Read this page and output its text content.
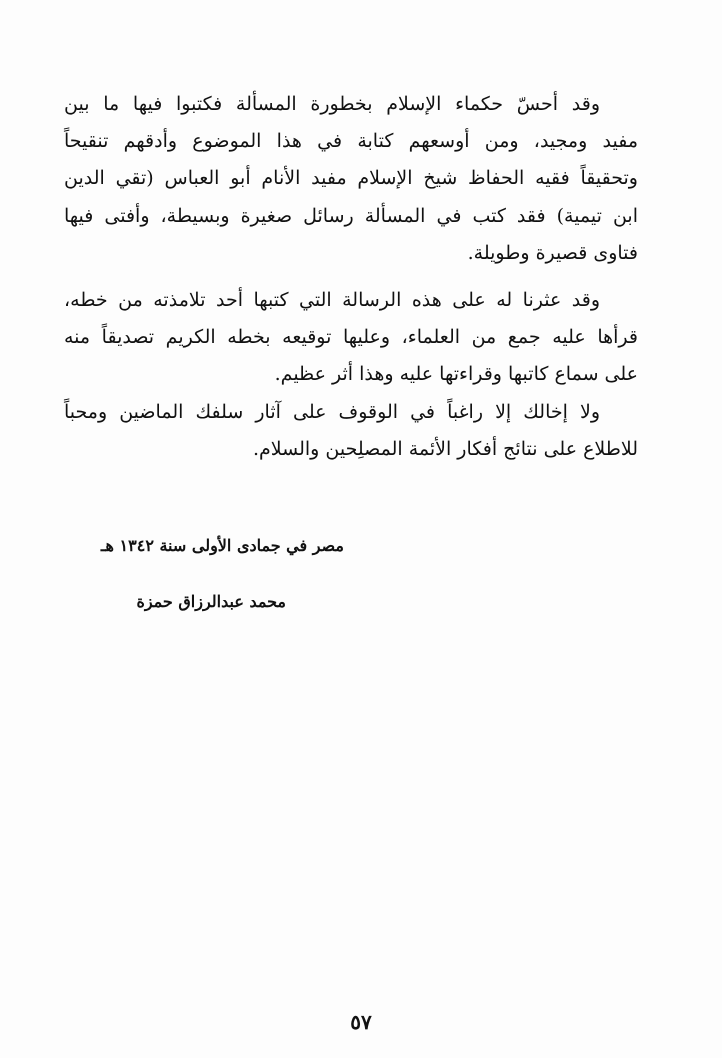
وقد أحسّ حكماء الإسلام بخطورة المسألة فكتبوا فيها ما بين
مفيد ومجيد، ومن أوسعهم كتابة في هذا الموضوع وأدقهم تنقيحاً
وتحقيقاً فقيه الحفاظ شيخ الإسلام مفيد الأنام أبو العباس (تقي الدين
ابن تيمية) فقد كتب في المسألة رسائل صغيرة وبسيطة، وأفتى فيها
فتاوى قصيرة وطويلة.
وقد عثرنا له على هذه الرسالة التي كتبها أحد تلامذته من خطه،
قرأها عليه جمع من العلماء، وعليها توقيعه بخطه الكريم تصديقاً منه
على سماع كاتبها وقراءتها عليه وهذا أثر عظيم.
ولا إخالك إلا راغباً في الوقوف على آثار سلفك الماضين ومحباً
للاطلاع على نتائج أفكار الأئمة المصلِحين والسلام.
مصر في جمادى الأولى سنة ١٣٤٢ هـ
محمد عبدالرزاق حمزة
٥٧
